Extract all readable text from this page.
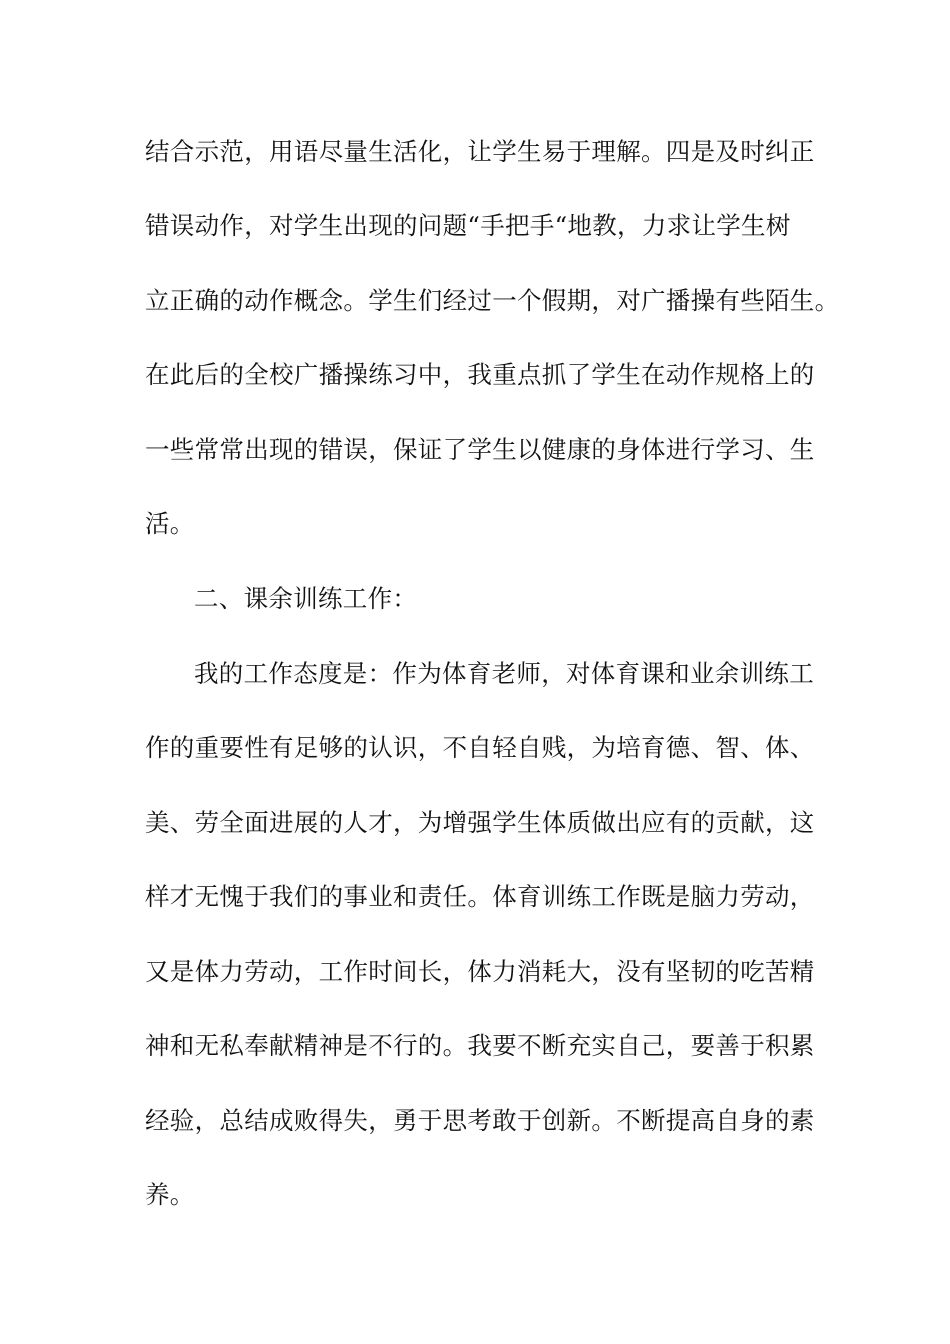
结合示范，用语尽量生活化，让学生易于理解。四是及时纠正
错误动作，对学生出现的问题“手把手“地教，力求让学生树
立正确的动作概念。学生们经过一个假期，对广播操有些陌生。
在此后的全校广播操练习中，我重点抓了学生在动作规格上的
一些常常出现的错误，保证了学生以健康的身体进行学习、生
活。
二、课余训练工作：
我的工作态度是：作为体育老师，对体育课和业余训练工
作的重要性有足够的认识，不自轻自贱，为培育德、智、体、
美、劳全面进展的人才，为增强学生体质做出应有的贡献，这
样才无愧于我们的事业和责任。体育训练工作既是脑力劳动，
又是体力劳动，工作时间长，体力消耗大，没有坚韧的吃苦精
神和无私奉献精神是不行的。我要不断充实自己，要善于积累
经验，总结成败得失，勇于思考敢于创新。不断提高自身的素
养。
